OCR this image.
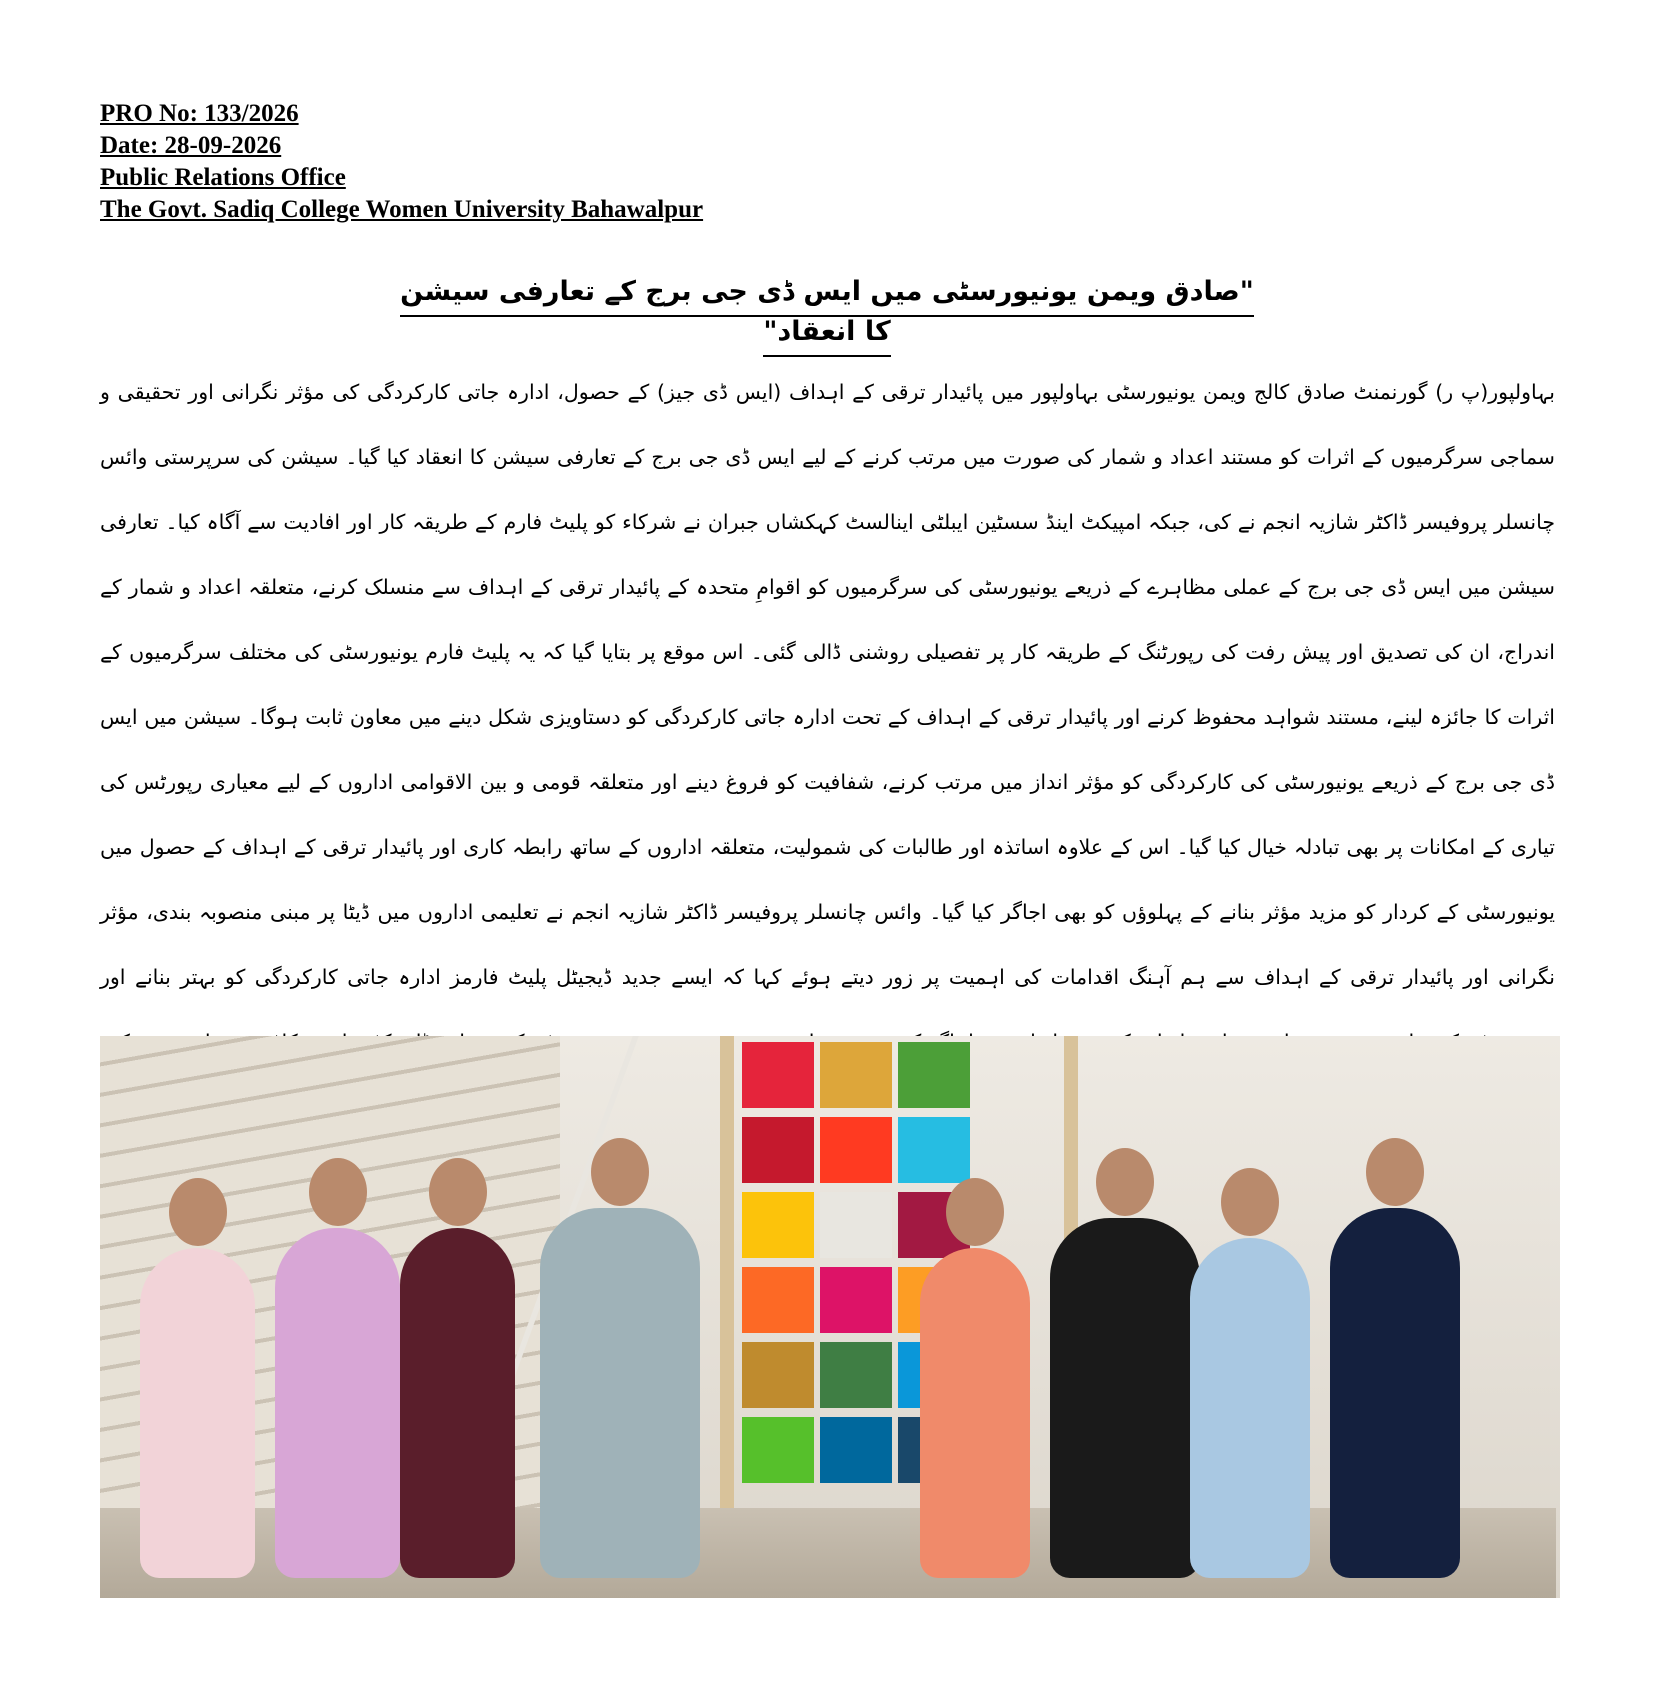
PRO No: 133/2026
Date: 28-09-2026
Public Relations Office
The Govt. Sadiq College Women University Bahawalpur
"صادق ویمن یونیورسٹی میں ایس ڈی جی برج کے تعارفی سیشن کا انعقاد"
بہاولپور(پ ر) گورنمنٹ صادق کالج ویمن یونیورسٹی بہاولپور میں پائیدار ترقی کے اہداف (ایس ڈی جیز) کے حصول، ادارہ جاتی کارکردگی کی مؤثر نگرانی اور تحقیقی و سماجی سرگرمیوں کے اثرات کو مستند اعداد و شمار کی صورت میں مرتب کرنے کے لیے ایس ڈی جی برج کے تعارفی سیشن کا انعقاد کیا گیا۔ سیشن کی سرپرستی وائس چانسلر پروفیسر ڈاکٹر شازیہ انجم نے کی، جبکہ امپیکٹ اینڈ سسٹین ایبلٹی اینالسٹ کہکشاں جبران نے شرکاء کو پلیٹ فارم کے طریقہ کار اور افادیت سے آگاہ کیا۔ تعارفی سیشن میں ایس ڈی جی برج کے عملی مظاہرے کے ذریعے یونیورسٹی کی سرگرمیوں کو اقوامِ متحدہ کے پائیدار ترقی کے اہداف سے منسلک کرنے، متعلقہ اعداد و شمار کے اندراج، ان کی تصدیق اور پیش رفت کی رپورٹنگ کے طریقہ کار پر تفصیلی روشنی ڈالی گئی۔ اس موقع پر بتایا گیا کہ یہ پلیٹ فارم یونیورسٹی کی مختلف سرگرمیوں کے اثرات کا جائزہ لینے، مستند شواہد محفوظ کرنے اور پائیدار ترقی کے اہداف کے تحت ادارہ جاتی کارکردگی کو دستاویزی شکل دینے میں معاون ثابت ہوگا۔ سیشن میں ایس ڈی جی برج کے ذریعے یونیورسٹی کی کارکردگی کو مؤثر انداز میں مرتب کرنے، شفافیت کو فروغ دینے اور متعلقہ قومی و بین الاقوامی اداروں کے لیے معیاری رپورٹس کی تیاری کے امکانات پر بھی تبادلہ خیال کیا گیا۔ اس کے علاوہ اساتذہ اور طالبات کی شمولیت، متعلقہ اداروں کے ساتھ رابطہ کاری اور پائیدار ترقی کے اہداف کے حصول میں یونیورسٹی کے کردار کو مزید مؤثر بنانے کے پہلوؤں کو بھی اجاگر کیا گیا۔ وائس چانسلر پروفیسر ڈاکٹر شازیہ انجم نے تعلیمی اداروں میں ڈیٹا پر مبنی منصوبہ بندی، مؤثر نگرانی اور پائیدار ترقی کے اہداف سے ہم آہنگ اقدامات کی اہمیت پر زور دیتے ہوئے کہا کہ ایسے جدید ڈیجیٹل پلیٹ فارمز ادارہ جاتی کارکردگی کو بہتر بنانے اور
